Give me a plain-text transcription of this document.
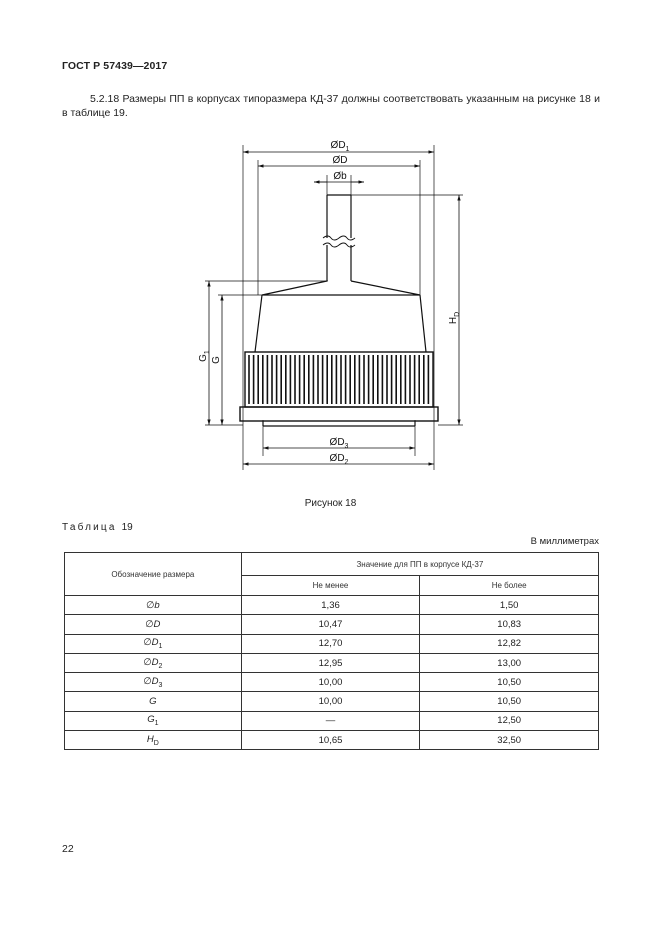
ГОСТ Р 57439—2017
5.2.18 Размеры ПП в корпусах типоразмера КД-37 должны соответствовать указанным на рисунке 18 и в таблице 19.
$ØD_1$
ØD
Øb
$ØD_3$
$ØD_2$
$H_D$
$G_1$
G
Рисунок 18
Таблица 19
В миллиметрах
Обозначение размера	Значение для ПП в корпусе КД-37	
	Не менее	Не более
∅b	1,36	1,50
∅D	10,47	10,83
$\emptyset D_1$	12,70	12,82
$\emptyset D_2$	12,95	13,00
$\emptyset D_3$	10,00	10,50
G	10,00	10,50
$G_1$	—	12,50
$H_D$	10,65	32,50
22
